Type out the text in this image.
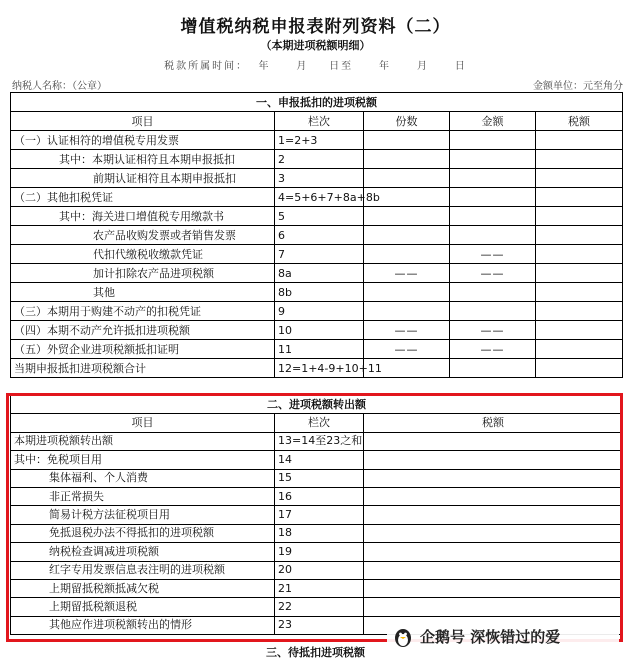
增值税纳税申报表附列资料（二）
（本期进项税额明细）
税款所属时间： 年	月 日至	年	月	日
纳税人名称：（公章）	金额单位：元至角分
一、申报抵扣的进项税额				
项目	栏次	份数	金额	税额
（一）认证相符的增值税专用发票	1=2+3			
其中：本期认证相符且本期申报抵扣	2			
前期认证相符且本期申报抵扣	3			
（二）其他扣税凭证	4=5+6+7+8a+8b			
其中：海关进口增值税专用缴款书	5			
农产品收购发票或者销售发票	6			
代扣代缴税收缴款凭证	7		——	
加计扣除农产品进项税额	8a	——	——	
其他	8b			
（三）本期用于购建不动产的扣税凭证	9			
（四）本期不动产允许抵扣进项税额	10	——	——	
（五）外贸企业进项税额抵扣证明	11	——	——	
当期申报抵扣进项税额合计	12=1+4-9+10+11			
二、进项税额转出额		
项目	栏次	税额
本期进项税额转出额	13=14至23之和	
其中：免税项目用	14	
集体福利、个人消费	15	
非正常损失	16	
简易计税方法征税项目用	17	
免抵退税办法不得抵扣的进项税额	18	
纳税检查调减进项税额	19	
红字专用发票信息表注明的进项税额	20	
上期留抵税额抵减欠税	21	
上期留抵税额退税	22	
其他应作进项税额转出的情形	23	
三、待抵扣进项税额
企鹅号 深恢错过的爱
